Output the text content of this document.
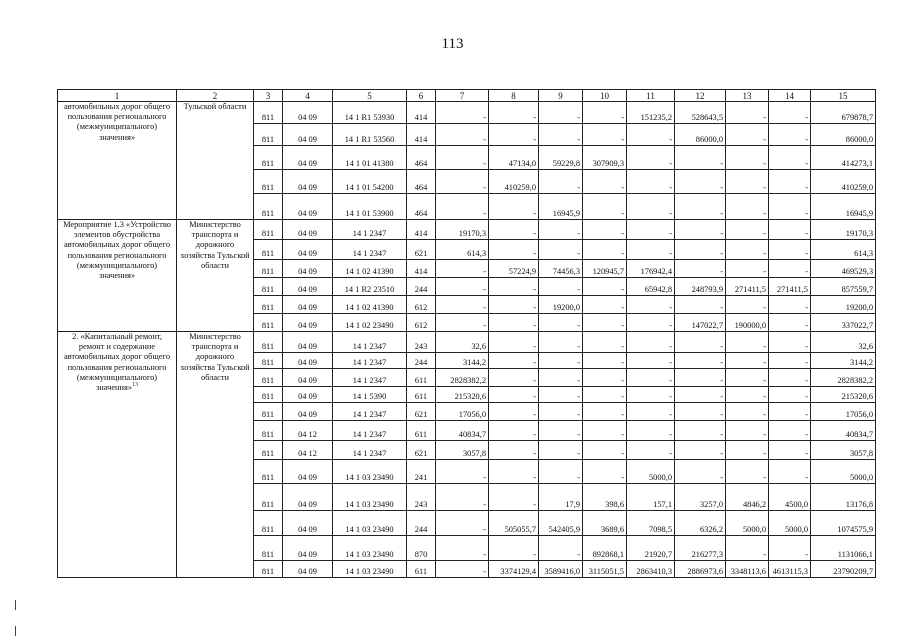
113
1	2	3	4	5	6	7	8	9	10	11	12	13	14	15
автомобильных дорог общего пользования регионального (межмуниципального) значения»	Тульской области	811	04 09	14 1 R1 53930	414	-	-	-	-	151235,2	528643,5	-	-	679878,7
		811	04 09	14 1 R1 53560	414	-	-	-	-	-	86000,0	-	-	86000,0
		811	04 09	14 1 01 41380	464	-	47134,0	59229,8	307909,3	-	-	-	-	414273,1
		811	04 09	14 1 01 54200	464	-	410259,0	-	-	-	-	-	-	410259,0
		811	04 09	14 1 01 53900	464	-	-	16945,9	-	-	-	-	-	16945,9
Мероприятие 1.3 «Устройство элементов обустройства автомобильных дорог общего пользования регионального (межмуниципального) значения»	Министерство транспорта и дорожного хозяйства Тульской области	811	04 09	14 1 2347	414	19170,3	-	-	-	-	-	-	-	19170,3
		811	04 09	14 1 2347	621	614,3	-	-	-	-	-	-	-	614,3
		811	04 09	14 1 02 41390	414	-	57224,9	74456,3	120945,7	176942,4	-	-	-	469529,3
		811	04 09	14 1 R2 23510	244	-	-	-	-	65942,8	248793,9	271411,5	271411,5	857559,7
		811	04 09	14 1 02 41390	612	-	-	19200,0	-	-	-	-	-	19200,0
		811	04 09	14 1 02 23490	612	-	-	-	-	-	147022,7	190000,0	-	337022,7
2. «Капитальный ремонт, ремонт и содержание автомобильных дорог общего пользования регионального (межмуниципального) значения»$^{13}$	Министерство транспорта и дорожного хозяйства Тульской области	811	04 09	14 1 2347	243	32,6	-	-	-	-	-	-	-	32,6
		811	04 09	14 1 2347	244	3144,2	-	-	-	-	-	-	-	3144,2
		811	04 09	14 1 2347	611	2828382,2	-	-	-	-	-	-	-	2828382,2
		811	04 09	14 1 5390	611	215320,6	-	-	-	-	-	-	-	215320,6
		811	04 09	14 1 2347	621	17056,0	-	-	-	-	-	-	-	17056,0
		811	04 12	14 1 2347	611	40834,7	-	-	-	-	-	-	-	40834,7
		811	04 12	14 1 2347	621	3057,8	-	-	-	-	-	-	-	3057,8
		811	04 09	14 1 03 23490	241	-	-	-	-	5000,0	-	-	-	5000,0
		811	04 09	14 1 03 23490	243	-	-	17,9	398,6	157,1	3257,0	4846,2	4500,0	13176,8
		811	04 09	14 1 03 23490	244	-	505055,7	542405,9	3689,6	7098,5	6326,2	5000,0	5000,0	1074575,9
		811	04 09	14 1 03 23490	870	-	-	-	892868,1	21920,7	216277,3	-	-	1131066,1
		811	04 09	14 1 03 23490	611	-	3374129,4	3589416,0	3115051,5	2863410,3	2886973,6	3348113,6	4613115,3	23790209,7
